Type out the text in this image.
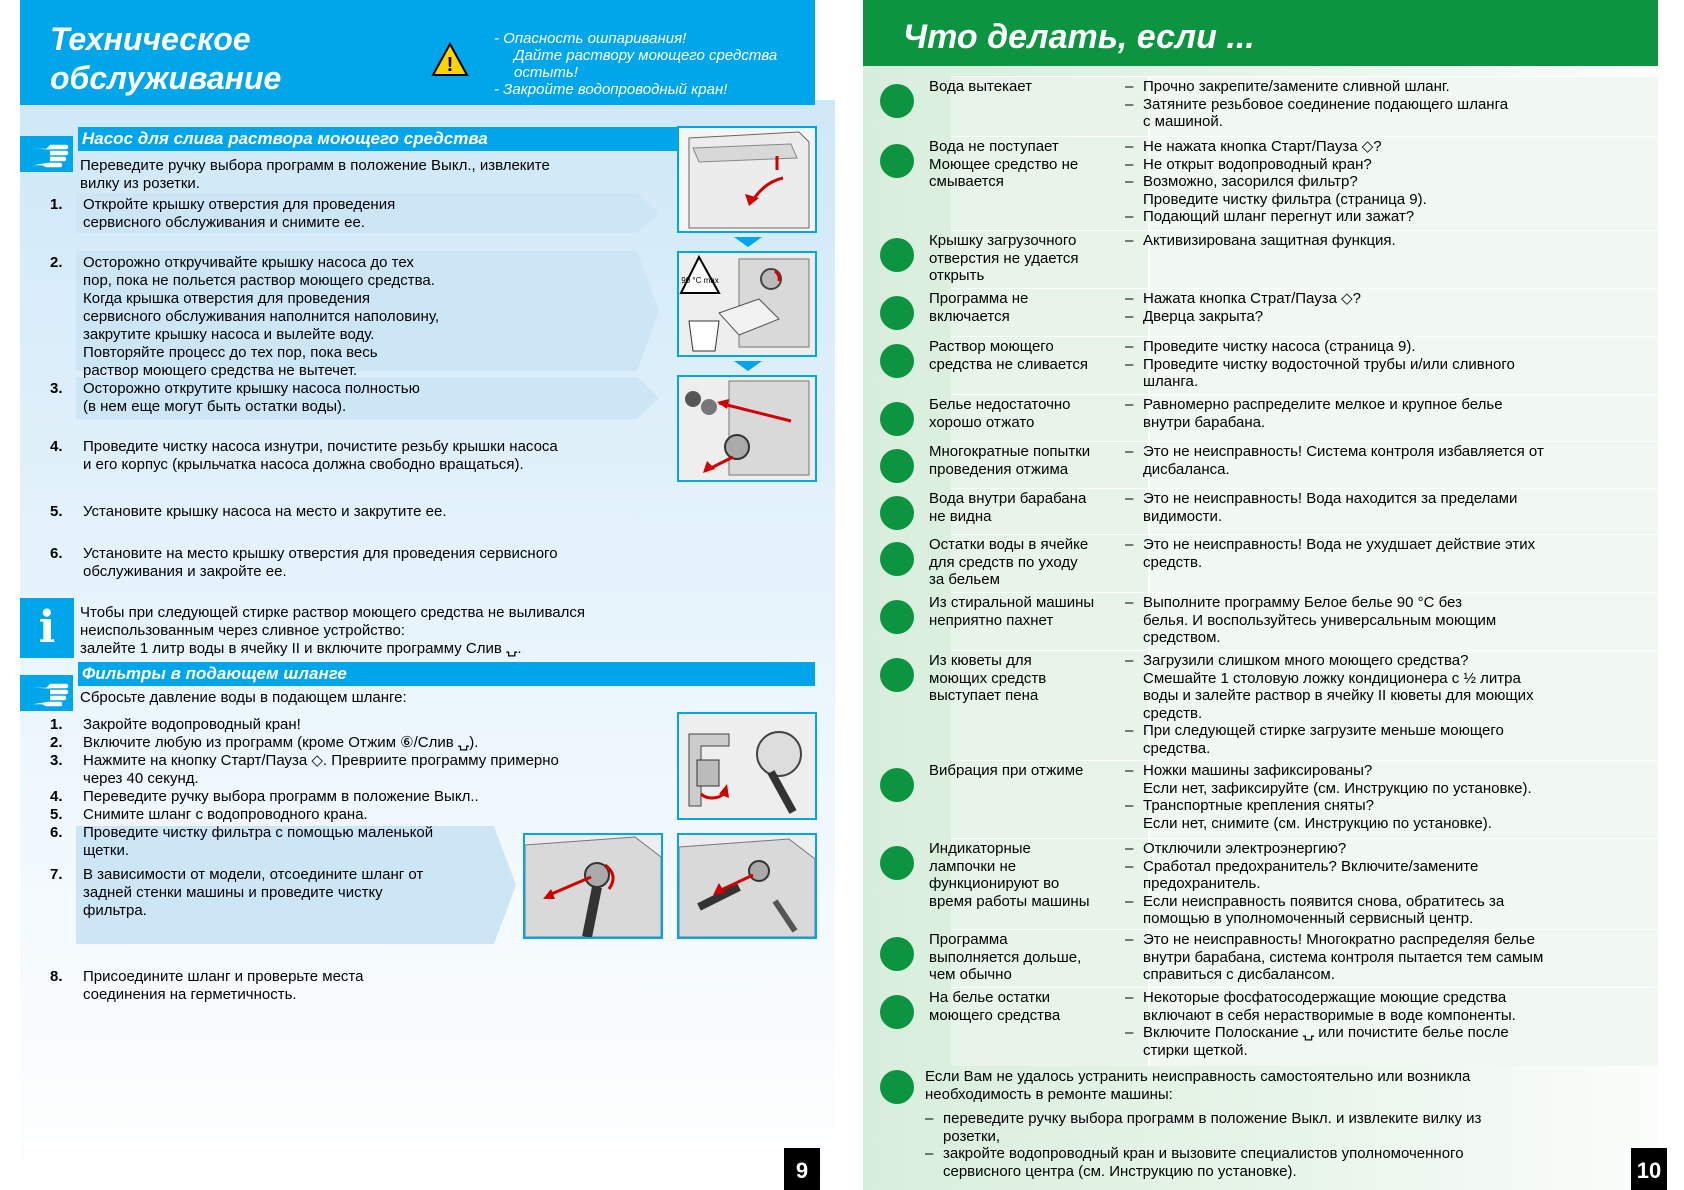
Техническое
обслуживание	!
- Опасность ошпаривания!
Дайте раствору моющего средства
остыть!
- Закройте водопроводный кран!
Насос для слива раствора моющего средства
Переведите ручку выбора программ в положение Выкл., извлеките
вилку из розетки.
1. Откройте крышку отверстия для проведения
сервисного обслуживания и снимите ее.
2. Осторожно откручивайте крышку насоса до тех
пор, пока не польется раствор моющего средства.
Когда крышка отверстия для проведения
сервисного обслуживания наполнится наполовину,
закрутите крышку насоса и вылейте воду.
Повторяйте процесс до тех пор, пока весь
раствор моющего средства не вытечет.
3. Осторожно открутите крышку насоса полностью
(в нем еще могут быть остатки воды).
4. Проведите чистку насоса изнутри, почистите резьбу крышки насоса
и его корпус (крыльчатка насоса должна свободно вращаться).
5. Установите крышку насоса на место и закрутите ее.
6. Установите на место крышку отверстия для проведения сервисного
обслуживания и закройте ее.
90 °C max
i	Чтобы при следующей стирке раствор моющего средства не выливался
неиспользованным через сливное устройство:
залейте 1 литр воды в ячейку II и включите программу Слив ⍽.
Фильтры в подающем шланге
Сбросьте давление воды в подающем шланге:
1. Закройте водопроводный кран!
2. Включите любую из программ (кроме Отжим ⑥/Слив ⍽).
3. Нажмите на кнопку Старт/Пауза ◇. Превриите программу примерно
через 40 секунд.
4. Переведите ручку выбора программ в положение Выкл..
5. Снимите шланг с водопроводного крана.
6. Проведите чистку фильтра с помощью маленькой
щетки.
7. В зависимости от модели, отсоедините шланг от
задней стенки машины и проведите чистку
фильтра.
8. Присоедините шланг и проверьте места
соединения на герметичность.
9
Что делать, если ...
Вода вытекает	– Прочно закрепите/замените сливной шланг.
– Затяните резьбовое соединение подающего шланга
с машиной.
Вода не поступает
Моющее средство не
смывается
– Не нажата кнопка Старт/Пауза ◇?
– Не открыт водопроводный кран?
– Возможно, засорился фильтр?
Проведите чистку фильтра (страница 9).
– Подающий шланг перегнут или зажат?
Крышку загрузочного
отверстия не удается
открыть
– Активизирована защитная функция.
Программа не
включается
– Нажата кнопка Страт/Пауза ◇?
– Дверца закрыта?
Раствор моющего
средства не сливается
– Проведите чистку насоса (страница 9).
– Проведите чистку водосточной трубы и/или сливного
шланга.
Белье недостаточно
хорошо отжато
– Равномерно распределите мелкое и крупное белье
внутри барабана.
Многократные попытки
проведения отжима
– Это не неисправность! Система контроля избавляется от
дисбаланса.
Вода внутри барабана
не видна
– Это не неисправность! Вода находится за пределами
видимости.
Остатки воды в ячейке
для средств по уходу
за бельем
– Это не неисправность! Вода не ухудшает действие этих
средств.
Из стиральной машины
неприятно пахнет
– Выполните программу Белое белье 90 °C без
белья. И воспользуйтесь универсальным моющим
средством.
Из кюветы для
моющих средств
выступает пена
– Загрузили слишком много моющего средства?
Смешайте 1 столовую ложку кондиционера с ½ литра
воды и залейте раствор в ячейку II кюветы для моющих
средств.
– При следующей стирке загрузите меньше моющего
средства.
Вибрация при отжиме	– Ножки машины зафиксированы?
Если нет, зафиксируйте (см. Инструкцию по установке).
– Транспортные крепления сняты?
Если нет, снимите (см. Инструкцию по установке).
Индикаторные
лампочки не
функционируют во
время работы машины
– Отключили электроэнергию?
– Сработал предохранитель? Включите/замените
предохранитель.
– Если неисправность появится снова, обратитесь за
помощью в уполномоченный сервисный центр.
Программа
выполняется дольше,
чем обычно
– Это не неисправность! Многократно распределяя белье
внутри барабана, система контроля пытается тем самым
справиться с дисбалансом.
На белье остатки
моющего средства
– Некоторые фосфатосодержащие моющие средства
включают в себя нерастворимые в воде компоненты.
– Включите Полоскание ⍽ или почистите белье после
стирки щеткой.
Если Вам не удалось устранить неисправность самостоятельно или возникла
необходимость в ремонте машины:
– переведите ручку выбора программ в положение Выкл. и извлеките вилку из
розетки,
– закройте водопроводный кран и вызовите специалистов уполномоченного
сервисного центра (см. Инструкцию по установке).	10
